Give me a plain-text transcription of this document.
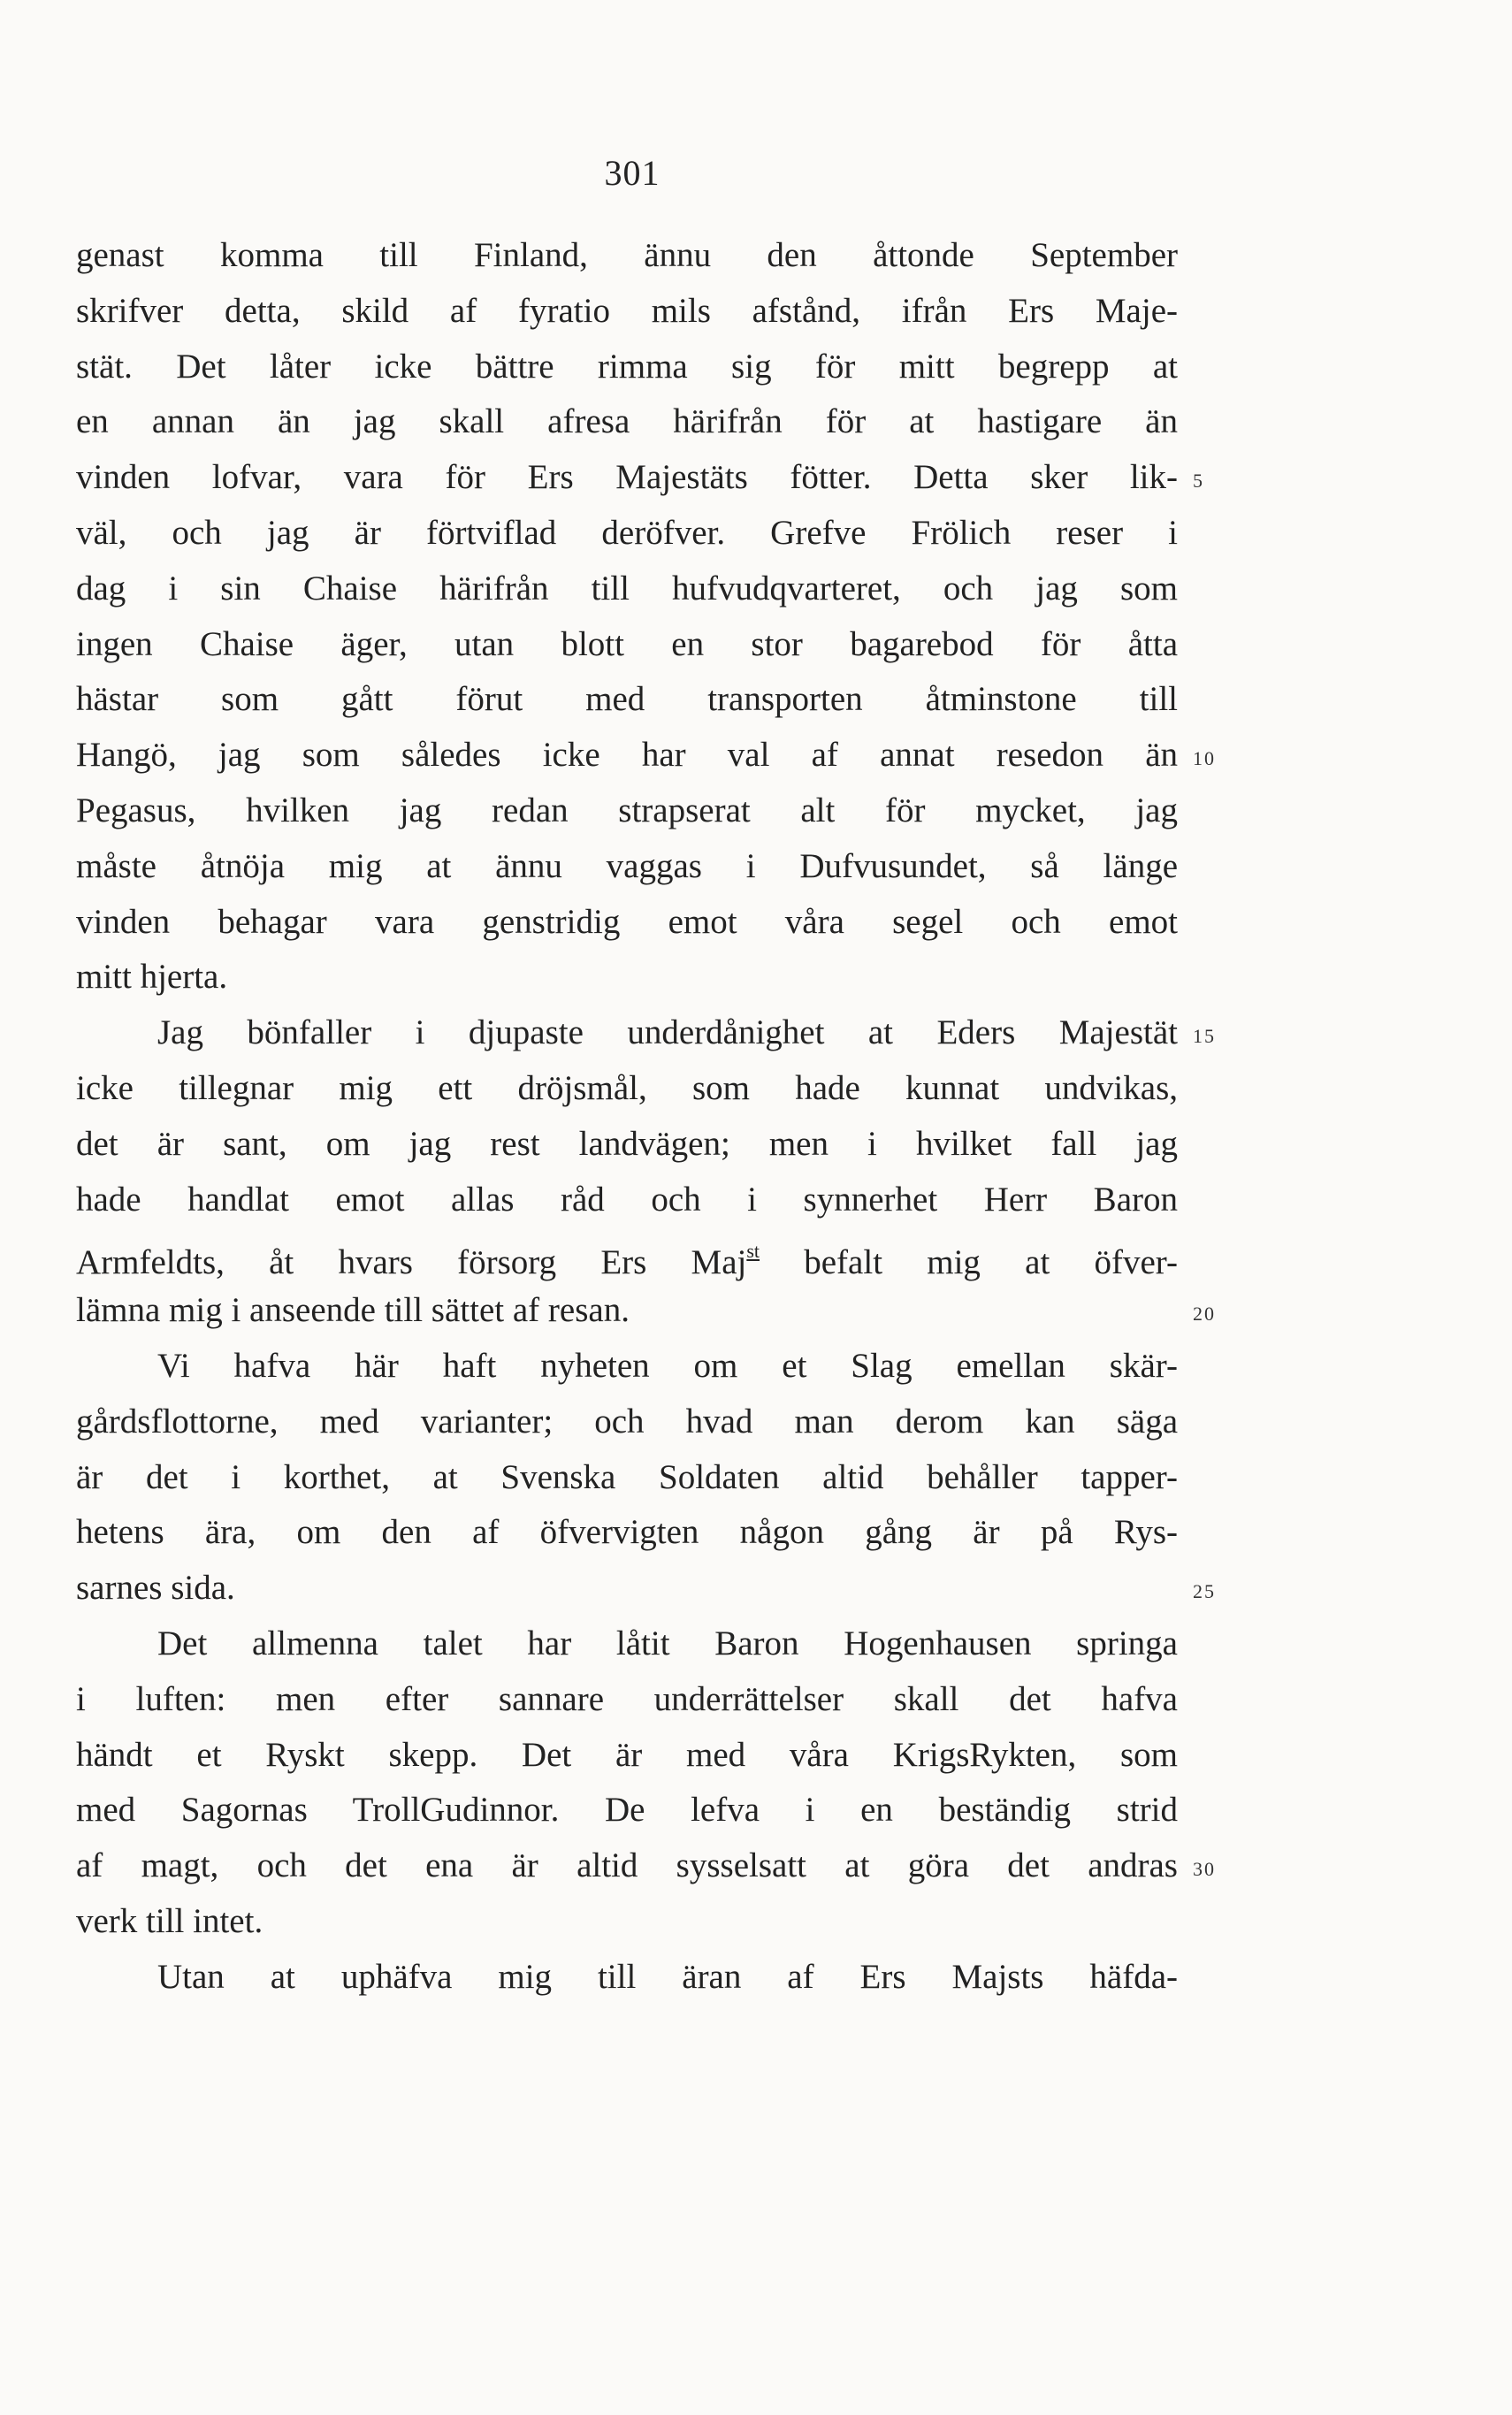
301
genast komma till Finland, ännu den åttonde September
skrifver detta, skild af fyratio mils afstånd, ifrån Ers Maje-
stät. Det låter icke bättre rimma sig för mitt begrepp at
en annan än jag skall afresa härifrån för at hastigare än
vinden lofvar, vara för Ers Majestäts fötter. Detta sker lik- 5
väl, och jag är förtviflad deröfver. Grefve Frölich reser i
dag i sin Chaise härifrån till hufvudqvarteret, och jag som
ingen Chaise äger, utan blott en stor bagarebod för åtta
hästar som gått förut med transporten åtminstone till
Hangö, jag som således icke har val af annat resedon än 10
Pegasus, hvilken jag redan strapserat alt för mycket, jag
måste åtnöja mig at ännu vaggas i Dufvusundet, så länge
vinden behagar vara genstridig emot våra segel och emot
mitt hjerta.
Jag bönfaller i djupaste underdånighet at Eders Majestät 15
icke tillegnar mig ett dröjsmål, som hade kunnat undvikas,
det är sant, om jag rest landvägen; men i hvilket fall jag
hade handlat emot allas råd och i synnerhet Herr Baron
Armfeldts, åt hvars försorg Ers Maj$^{st}$ befalt mig at öfver-
lämna mig i anseende till sättet af resan.	20
Vi hafva här haft nyheten om et Slag emellan skär-
gårdsflottorne, med varianter; och hvad man derom kan säga
är det i korthet, at Svenska Soldaten altid behåller tapper-
hetens ära, om den af öfvervigten någon gång är på Rys-
sarnes sida.	25
Det allmenna talet har låtit Baron Hogenhausen springa
i luften: men efter sannare underrättelser skall det hafva
händt et Ryskt skepp. Det är med våra KrigsRykten, som
med Sagornas TrollGudinnor. De lefva i en beständig strid
af magt, och det ena är altid sysselsatt at göra det andras 30
verk till intet.
Utan at uphäfva mig till äran af Ers Majsts häfda-
